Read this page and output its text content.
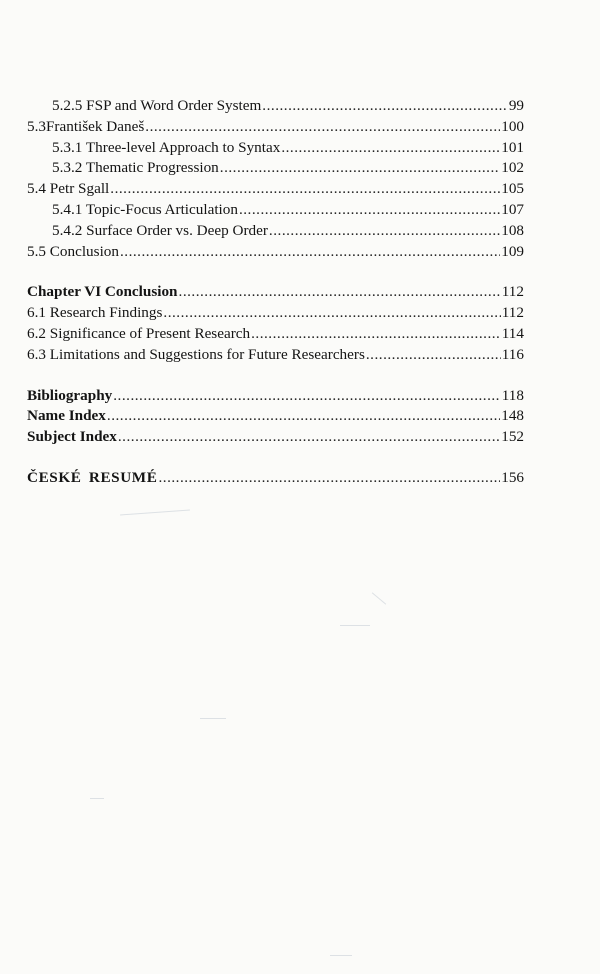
5.2.5 FSP and Word Order System .....	99
5.3František Daneš .....	100
5.3.1 Three-level Approach to Syntax .....	101
5.3.2 Thematic Progression .....	102
5.4 Petr Sgall .....	105
5.4.1 Topic-Focus Articulation .....	107
5.4.2 Surface Order vs. Deep Order .....	108
5.5 Conclusion .....	109
Chapter VI Conclusion .....	112
6.1 Research Findings .....	112
6.2 Significance of Present Research .....	114
6.3 Limitations and Suggestions for Future Researchers .....	116
Bibliography .....	118
Name Index .....	148
Subject Index .....	152
ČESKÉ RESUMÉ .....	156
